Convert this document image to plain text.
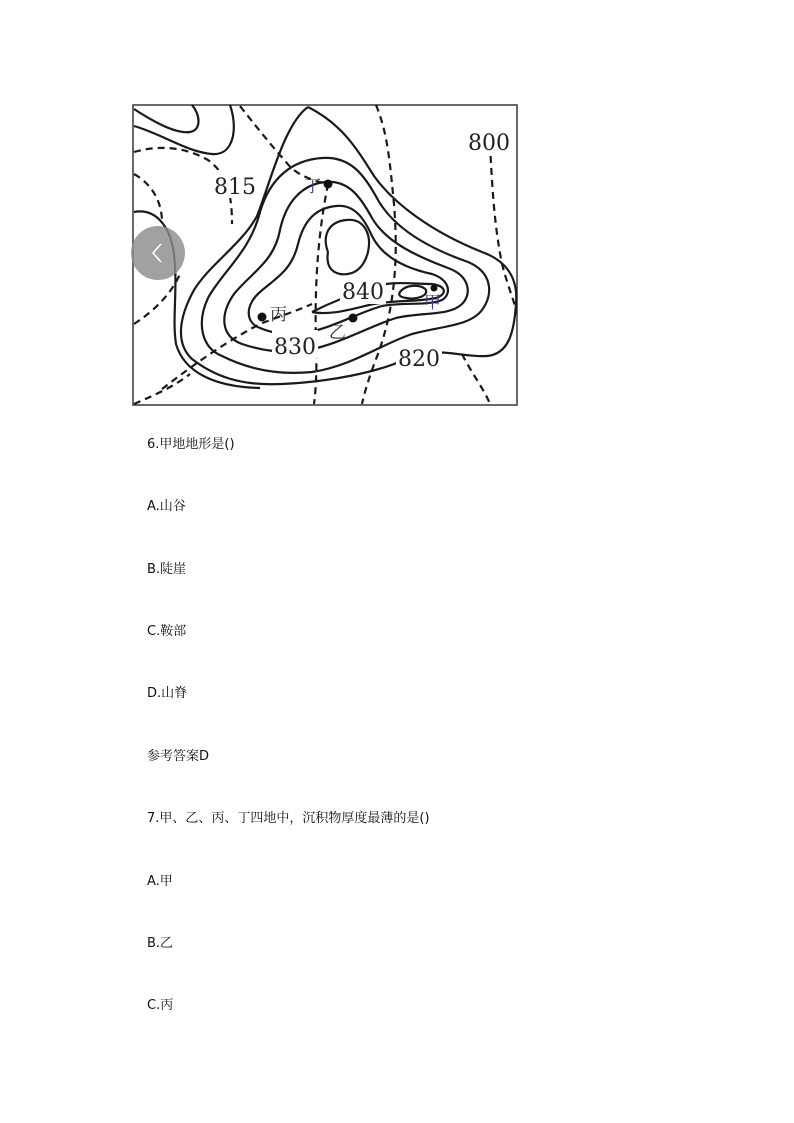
800
815
840
830	820
丁
丙
乙
甲
6.甲地地形是()
A.山谷
B.陡崖
C.鞍部
D.山脊
参考答案D
7.甲、乙、丙、丁四地中，沉积物厚度最薄的是()
A.甲
B.乙
C.丙
